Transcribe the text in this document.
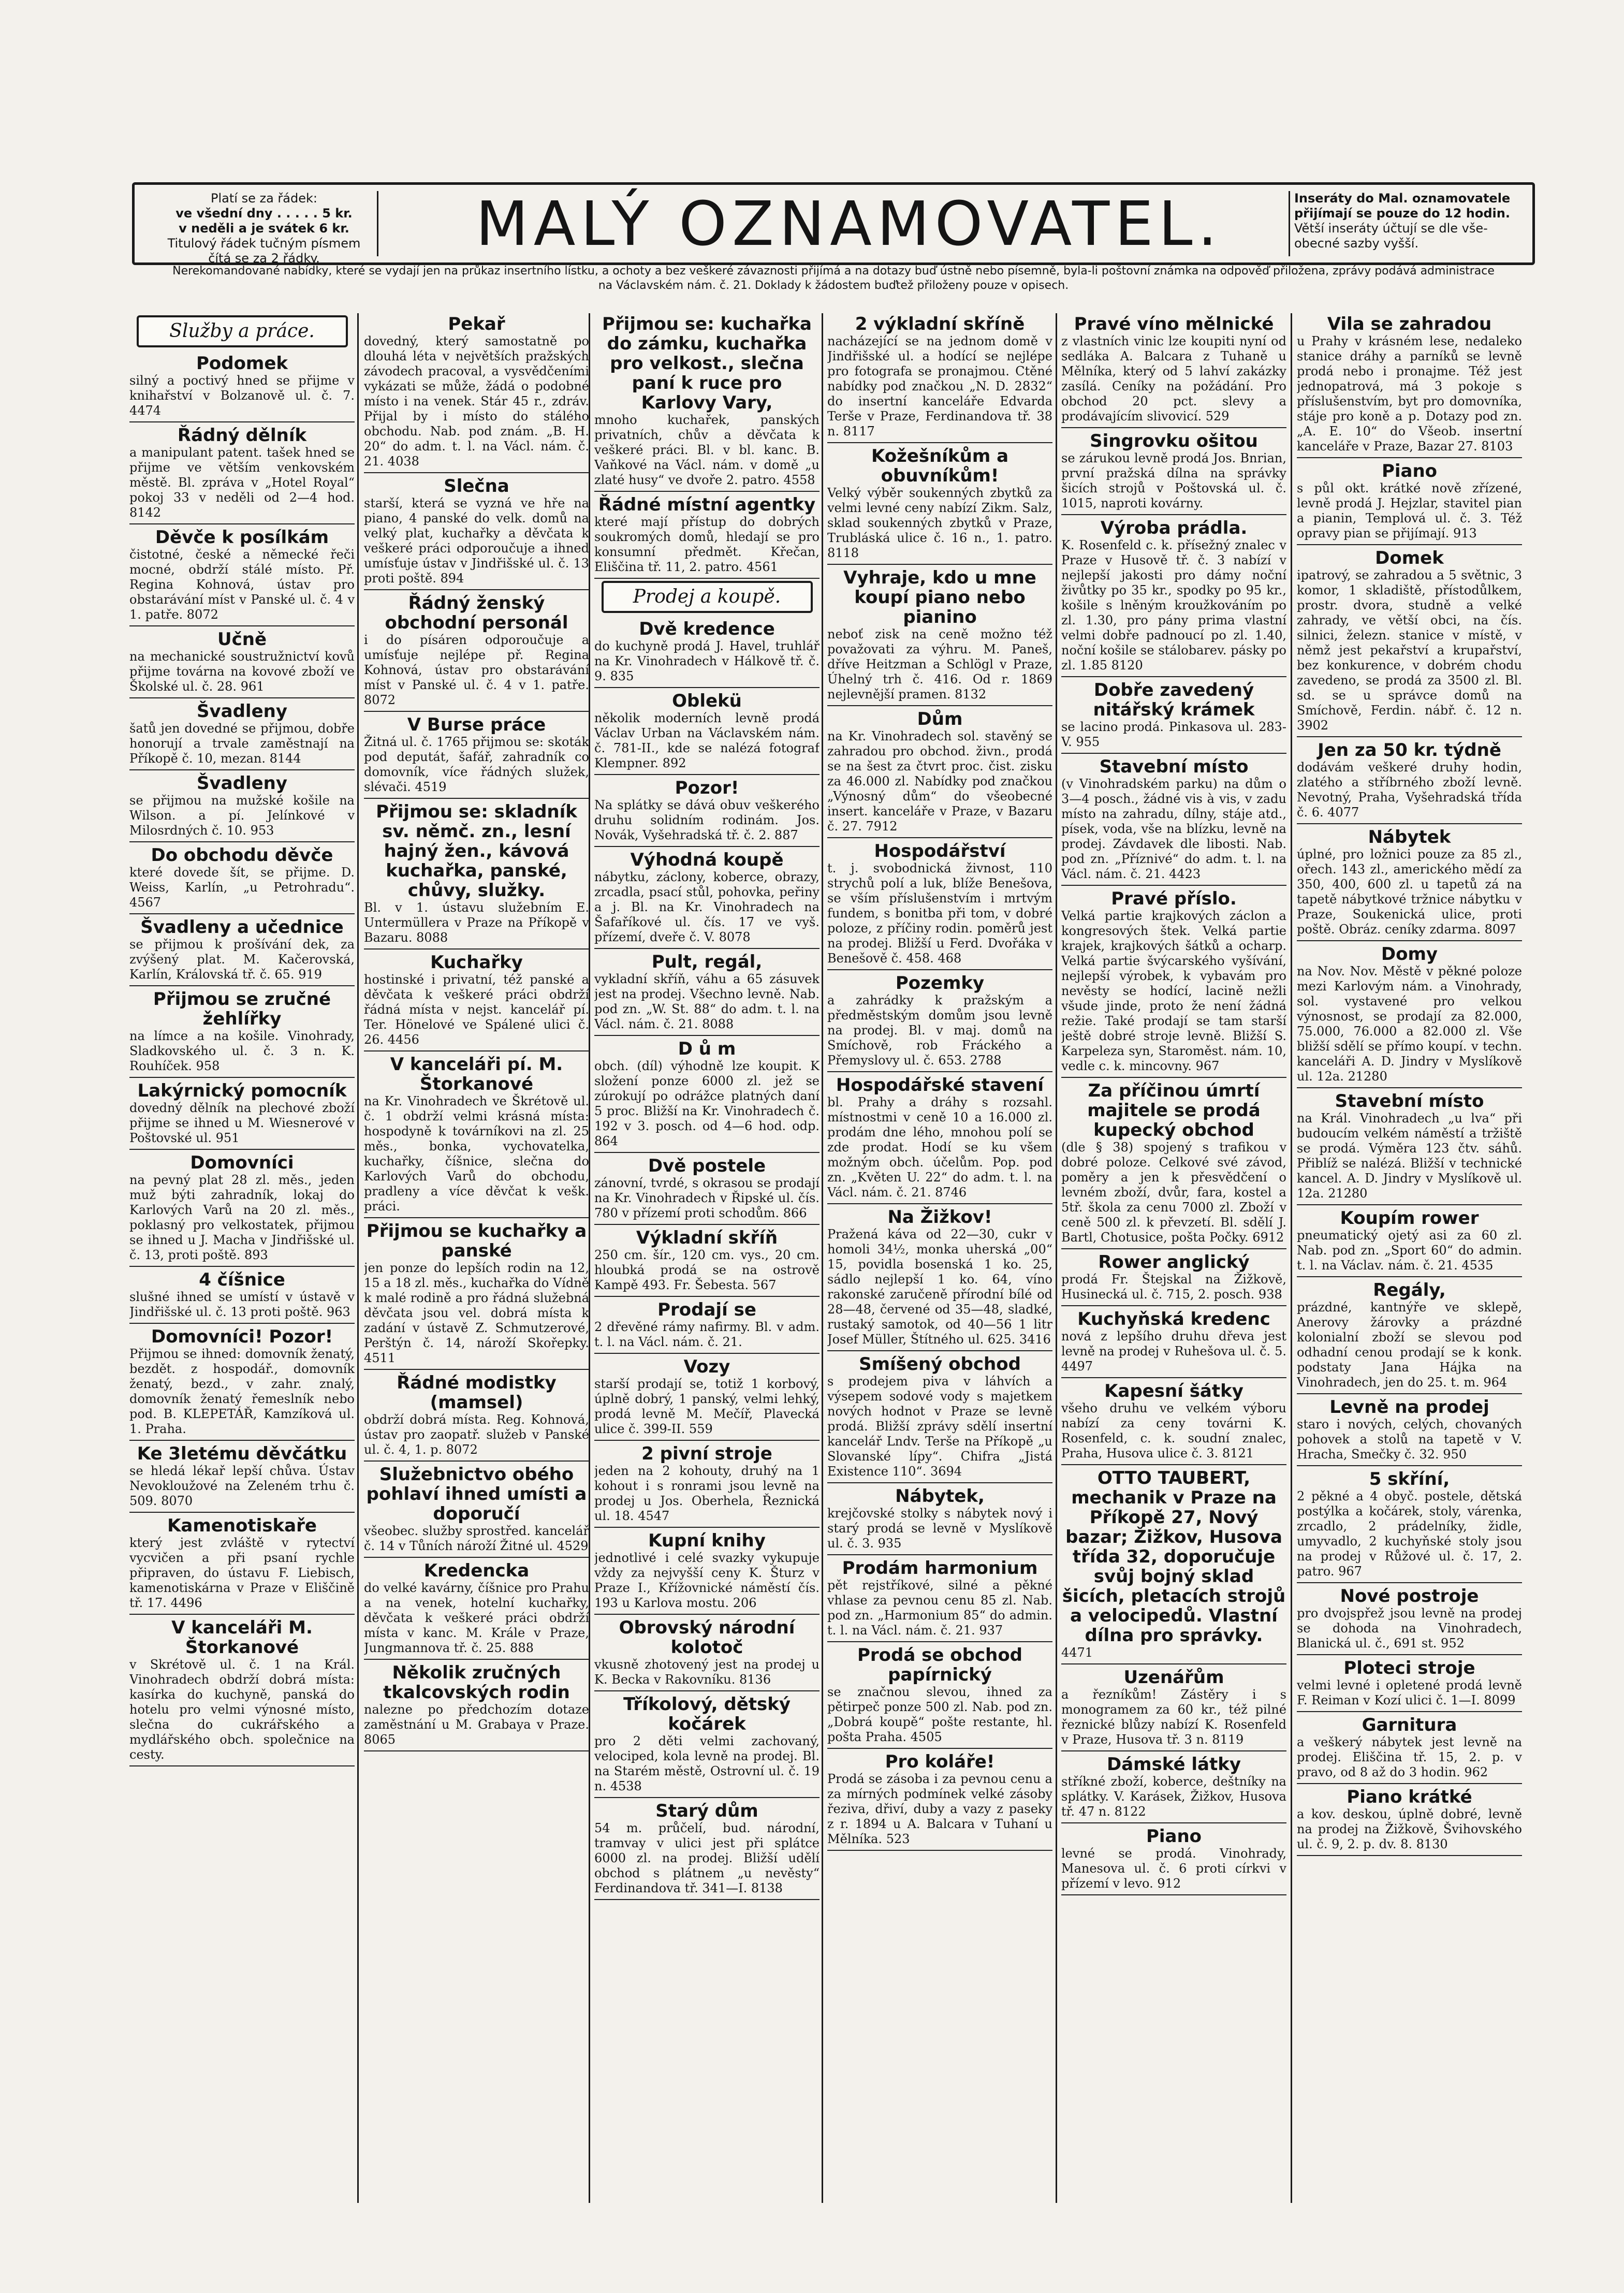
Platí se za řádek:
ve všední dny . . . . . 5 kr.
v neděli a je svátek 6 kr.
Titulový řádek tučným písmem
čítá se za 2 řádky.	MALÝ OZNAMOVATEL.	Inseráty do Mal. oznamovatele
přijímají se pouze do 12 hodin.
Větší inseráty účtují se dle vše-
obecné sazby vyšší.
Nerekomandované nabídky, které se vydají jen na průkaz insertního lístku, a ochoty a bez veškeré závaznosti přijímá a na dotazy buď ústně nebo písemně, byla-li poštovní známka na odpověď přiložena, zprávy podává administrace na Václavském nám. č. 21. Doklady k žádostem buďtež přiloženy pouze v opisech.
Služby a práce.
Podomek

silný a poctivý hned se přijme v knihařství v Bolzanově ul. č. 7. 4474

Řádný dělník

a manipulant patent. tašek hned se přijme ve větším venkovském městě. Bl. zpráva v „Hotel Royal“ pokoj 33 v neděli od 2—4 hod. 8142

Děvče k posílkám

čistotné, české a německé řeči mocné, obdrží stálé místo. Př. Regina Kohnová, ústav pro obstarávání míst v Panské ul. č. 4 v 1. patře. 8072

Učně

na mechanické soustružnictví kovů přijme továrna na kovové zboží ve Školské ul. č. 28. 961

Švadleny

šatů jen dovedné se přijmou, dobře honorují a trvale zaměstnají na Příkopě č. 10, mezan. 8144

Švadleny

se přijmou na mužské košile na Wilson. a pí. Jelínkové v Milosrdných č. 10. 953

Do obchodu děvče

které dovede šít, se přijme. D. Weiss, Karlín, „u Petrohradu“. 4567

Švadleny a učednice

se přijmou k prošívání dek, za zvýšený plat. M. Kačerovská, Karlín, Královská tř. č. 65. 919

Přijmou se zručné žehlířky

na límce a na košile. Vinohrady, Sladkovského ul. č. 3 n. K. Rouhíček. 958

Lakýrnický pomocník

dovedný dělník na plechové zboží přijme se ihned u M. Wiesnerové v Poštovské ul. 951

Domovníci

na pevný plat 28 zl. měs., jeden muž býti zahradník, lokaj do Karlových Varů na 20 zl. měs., poklasný pro velkostatek, přijmou se ihned u J. Macha v Jindřišské ul. č. 13, proti poště. 893

4 číšnice

slušné ihned se umístí v ústavě v Jindřišské ul. č. 13 proti poště. 963

Domovníci! Pozor!

Přijmou se ihned: domovník ženatý, bezdět. z hospodář., domovník ženatý, bezd., v zahr. znalý, domovník ženatý řemeslník nebo pod. B. KLEPETÁŘ, Kamzíková ul. 1. Praha.

Ke 3letému děvčátku

se hledá lékař lepší chůva. Ústav Nevokloužové na Zeleném trhu č. 509. 8070

Kamenotiskaře

který jest zvláště v rytectví vycvičen a při psaní rychle připraven, do ústavu F. Liebisch, kamenotiskárna v Praze v Eliščině tř. 17. 4496

V kanceláři M. Štorkanové

v Skrétově ul. č. 1 na Král. Vinohradech obdrží dobrá místa: kasírka do kuchyně, panská do hotelu pro velmi výnosné místo, slečna do cukrářského a mydlářského obch. společnice na cesty.

Pekař

dovedný, který samostatně po dlouhá léta v největších pražských závodech pracoval, a vysvědčeními vykázati se může, žádá o podobné místo i na venek. Stár 45 r., zdráv. Přijal by i místo do stálého obchodu. Nab. pod znám. „B. H. 20“ do adm. t. l. na Václ. nám. č. 21. 4038

Slečna

starší, která se vyzná ve hře na piano, 4 panské do velk. domů na velký plat, kuchařky a děvčata k veškeré práci odporoučuje a ihned umísťuje ústav v Jindřišské ul. č. 13 proti poště. 894

Řádný ženský obchodní personál

i do písáren odporoučuje a umísťuje nejlépe př. Regina Kohnová, ústav pro obstarávání míst v Panské ul. č. 4 v 1. patře. 8072

V Burse práce

Žitná ul. č. 1765 přijmou se: skoták pod deputát, šafář, zahradník co domovník, více řádných služek, slévači. 4519

Přijmou se: skladník sv. němč. zn., lesní hajný žen., kávová kuchařka, panské, chůvy, služky.

Bl. v 1. ústavu služebním E. Untermüllera v Praze na Příkopě v Bazaru. 8088

Kuchařky

hostinské i privatní, též panské a děvčata k veškeré práci obdrží řádná místa v nejst. kancelář pí. Ter. Hönelové ve Spálené ulici č. 26. 4456

V kanceláři pí. M. Štorkanové

na Kr. Vinohradech ve Škrétově ul. č. 1 obdrží velmi krásná místa: hospodyně k továrníkovi na zl. 25 měs., bonka, vychovatelka, kuchařky, číšnice, slečna do Karlových Varů do obchodu, pradleny a více děvčat k vešk. práci.

Přijmou se kuchařky a panské

jen ponze do lepších rodin na 12, 15 a 18 zl. měs., kuchařka do Vídně k malé rodině a pro řádná služebná děvčata jsou vel. dobrá místa k zadání v ústavě Z. Schmutzerové, Perštýn č. 14, nároží Skořepky. 4511

Řádné modistky (mamsel)

obdrží dobrá místa. Reg. Kohnová, ústav pro zaopatř. služeb v Panské ul. č. 4, 1. p. 8072

Služebnictvo obého pohlaví ihned umísti a doporučí

všeobec. služby sprostřed. kancelář č. 14 v Tůních nároží Žitné ul. 4529

Kredencka

do velké kavárny, číšnice pro Prahu a na venek, hotelní kuchařky, děvčata k veškeré práci obdrží místa v kanc. M. Krále v Praze, Jungmannova tř. č. 25. 888

Několik zručných tkalcovských rodin

nalezne po předchozím dotaze zaměstnání u M. Grabaya v Praze. 8065

Přijmou se: kuchařka do zámku, kuchařka pro velkost., slečna paní k ruce pro Karlovy Vary,

mnoho kuchařek, panských privatních, chův a děvčata k veškeré práci. Bl. v bl. kanc. B. Vaňkové na Václ. nám. v domě „u zlaté husy“ ve dvoře 2. patro. 4558

Řádné místní agentky

které mají přístup do dobrých soukromých domů, hledají se pro konsumní předmět. Křečan, Eliščina tř. 11, 2. patro. 4561

Prodej a koupě.
Dvě kredence

do kuchyně prodá J. Havel, truhlář na Kr. Vinohradech v Hálkově tř. č. 9. 835

Oblekü

několik moderních levně prodá Václav Urban na Václavském nám. č. 781-II., kde se nalézá fotograf Klempner. 892

Pozor!

Na splátky se dává obuv veškerého druhu solidním rodinám. Jos. Novák, Vyšehradská tř. č. 2. 887

Výhodná koupě

nábytku, záclony, koberce, obrazy, zrcadla, psací stůl, pohovka, peřiny a j. Bl. na Kr. Vinohradech na Šafaříkové ul. čís. 17 ve vyš. přízemí, dveře č. V. 8078

Pult, regál,

vykladní skříň, váhu a 65 zásuvek jest na prodej. Všechno levně. Nab. pod zn. „W. St. 88“ do adm. t. l. na Václ. nám. č. 21. 8088

D ů m

obch. (díl) výhodně lze koupit. K složení ponze 6000 zl. jež se zúrokují po odrážce platných daní 5 proc. Bližší na Kr. Vinohradech č. 192 v 3. posch. od 4—6 hod. odp. 864

Dvě postele

zánovní, tvrdé, s okrasou se prodají na Kr. Vinohradech v Řipské ul. čís. 780 v přízemí proti schodům. 866

Výkladní skříň

250 cm. šír., 120 cm. vys., 20 cm. hloubká prodá se na ostrově Kampě 493. Fr. Šebesta. 567

Prodají se

2 dřevěné rámy nafirmy. Bl. v adm. t. l. na Václ. nám. č. 21.

Vozy

starší prodají se, totiž 1 korbový, úplně dobrý, 1 panský, velmi lehký, prodá levně M. Mečíř, Plavecká ulice č. 399-II. 559

2 pivní stroje

jeden na 2 kohouty, druhý na 1 kohout i s ronrami jsou levně na prodej u Jos. Oberhela, Řeznická ul. 18. 4547

Kupní knihy

jednotlivé i celé svazky vykupuje vždy za nejvyšší ceny K. Šturz v Praze I., Křížovnické náměstí čís. 193 u Karlova mostu. 206

Obrovský národní kolotoč

vkusně zhotovený jest na prodej u K. Becka v Rakovníku. 8136

Tříkolový, dětský kočárek

pro 2 děti velmi zachovaný, velociped, kola levně na prodej. Bl. na Starém městě, Ostrovní ul. č. 19 n. 4538

Starý dům

54 m. průčelí, bud. národní, tramvay v ulici jest při splátce 6000 zl. na prodej. Bližší udělí obchod s plátnem „u nevěsty“ Ferdinandova tř. 341—I. 8138

2 výkladní skříně

nacházející se na jednom domě v Jindřišské ul. a hodící se nejlépe pro fotografa se pronajmou. Ctěné nabídky pod značkou „N. D. 2832“ do insertní kanceláře Edvarda Terše v Praze, Ferdinandova tř. 38 n. 8117

Kožešníkům a obuvníkům!

Velký výběr soukenných zbytků za velmi levné ceny nabízí Zikm. Salz, sklad soukenných zbytků v Praze, Trubláská ulice č. 16 n., 1. patro. 8118

Vyhraje, kdo u mne koupí piano nebo pianino

neboť zisk na ceně možno též považovati za výhru. M. Paneš, dříve Heitzman a Schlögl v Praze, Úhelný trh č. 416. Od r. 1869 nejlevnější pramen. 8132

Dům

na Kr. Vinohradech sol. stavěný se zahradou pro obchod. živn., prodá se na šest za čtvrt proc. čist. zisku za 46.000 zl. Nabídky pod značkou „Výnosný dům“ do všeobecné insert. kanceláře v Praze, v Bazaru č. 27. 7912

Hospodářství

t. j. svobodnická živnost, 110 strychů polí a luk, blíže Benešova, se vším příslušenstvím i mrtvým fundem, s bonitba při tom, v dobré poloze, z příčiny rodin. poměrů jest na prodej. Bližší u Ferd. Dvořáka v Benešově č. 458. 468

Pozemky

a zahrádky k pražským a předměstským domům jsou levně na prodej. Bl. v maj. domů na Smíchově, rob Fráckého a Přemyslovy ul. č. 653. 2788

Hospodářské stavení

bl. Prahy a dráhy s rozsahl. místnostmi v ceně 10 a 16.000 zl. prodám dne lého, mnohou polí se zde prodat. Hodí se ku všem možným obch. účelům. Pop. pod zn. „Květen U. 22“ do adm. t. l. na Václ. nám. č. 21. 8746

Na Žižkov!

Pražená káva od 22—30, cukr v homoli 34½, monka uherská „00“ 15, povidla bosenská 1 ko. 25, sádlo nejlepší 1 ko. 64, víno rakonské zaručeně přírodní bílé od 28—48, červené od 35—48, sladké, rustaký samotok, od 40—56 1 litr Josef Müller, Štítného ul. 625. 3416

Smíšený obchod

s prodejem piva v láhvích a výsepem sodové vody s majetkem nových hodnot v Praze se levně prodá. Bližší zprávy sdělí insertní kancelář Lndv. Terše na Příkopě „u Slovanské lípy“. Chifra „Jistá Existence 110“. 3694

Nábytek,

krejčovské stolky s nábytek nový i starý prodá se levně v Myslíkově ul. č. 3. 935

Prodám harmonium

pět rejstříkové, silné a pěkné vhlase za pevnou cenu 85 zl. Nab. pod zn. „Harmonium 85“ do admin. t. l. na Václ. nám. č. 21. 937

Prodá se obchod papírnický

se značnou slevou, ihned za pětirpeč ponze 500 zl. Nab. pod zn. „Dobrá koupě“ pošte restante, hl. pošta Praha. 4505

Pro koláře!

Prodá se zásoba i za pevnou cenu a za mírných podmínek velké zásoby řeziva, dřiví, duby a vazy z paseky z r. 1894 u A. Balcara v Tuhaní u Mělníka. 523

Pravé víno mělnické

z vlastních vinic lze koupiti nyní od sedláka A. Balcara z Tuhaně u Mělníka, který od 5 lahví zakázky zasílá. Ceníky na požádání. Pro obchod 20 pct. slevy a prodávajícím slivovicí. 529

Singrovku ošitou

se zárukou levně prodá Jos. Bnrian, první pražská dílna na správky šicích strojů v Poštovská ul. č. 1015, naproti kovárny.

Výroba prádla.

K. Rosenfeld c. k. přísežný znalec v Praze v Husově tř. č. 3 nabízí v nejlepší jakosti pro dámy noční živůtky po 35 kr., spodky po 95 kr., košile s lněným kroužkováním po zl. 1.30, pro pány prima vlastní velmi dobře padnoucí po zl. 1.40, noční košile se stálobarev. pásky po zl. 1.85 8120

Dobře zavedený nitářský krámek

se lacino prodá. Pinkasova ul. 283-V. 955

Stavební místo

(v Vinohradském parku) na dům o 3—4 posch., žádné vis à vis, v zadu místo na zahradu, dílny, stáje atd., písek, voda, vše na blízku, levně na prodej. Závdavek dle libosti. Nab. pod zn. „Příznivé“ do adm. t. l. na Václ. nám. č. 21. 4423

Pravé příslo.

Velká partie krajkových záclon a kongresových štek. Velká partie krajek, krajkových šátků a ocharp. Velká partie švýcarského vyšívání, nejlepší výrobek, k vybavám pro nevěsty se hodící, lacině nežli všude jinde, proto že není žádná režie. Také prodají se tam starší ještě dobré stroje levně. Bližší S. Karpeleza syn, Staroměst. nám. 10, vedle c. k. mincovny. 967

Za příčinou úmrtí majitele se prodá kupecký obchod

(dle § 38) spojený s trafikou v dobré poloze. Celkové své závod, poměry a jen k přesvědčení o levném zboží, dvůr, fara, kostel a 5tř. škola za cenu 7000 zl. Zboží v ceně 500 zl. k převzetí. Bl. sdělí J. Bartl, Chotusice, pošta Počky. 6912

Rower anglický

prodá Fr. Štejskal na Žižkově, Husinecká ul. č. 715, 2. posch. 938

Kuchyňská kredenc

nová z lepšího druhu dřeva jest levně na prodej v Ruhešova ul. č. 5. 4497

Kapesní šátky

všeho druhu ve velkém výboru nabízí za ceny továrni K. Rosenfeld, c. k. soudní znalec, Praha, Husova ulice č. 3. 8121

OTTO TAUBERT, mechanik v Praze na Příkopě 27, Nový bazar; Žižkov, Husova třída 32, doporučuje svůj bojný sklad šicích, pletacích strojů a velocipedů. Vlastní dílna pro správky.

4471

Uzenářům

a řezníkům! Zástěry i s monogramem za 60 kr., též pilné řeznické blůzy nabízí K. Rosenfeld v Praze, Husova tř. 3 n. 8119

Dámské látky

stříkné zboží, koberce, deštníky na splátky. V. Karásek, Žižkov, Husova tř. 47 n. 8122

Piano

levné se prodá. Vinohrady, Manesova ul. č. 6 proti církvi v přízemí v levo. 912

Vila se zahradou

u Prahy v krásném lese, nedaleko stanice dráhy a parníků se levně prodá nebo i pronajme. Též jest jednopatrová, má 3 pokoje s příslušenstvím, byt pro domovníka, stáje pro koně a p. Dotazy pod zn. „A. E. 10“ do Všeob. insertní kanceláře v Praze, Bazar 27. 8103

Piano

s půl okt. krátké nově zřízené, levně prodá J. Hejzlar, stavitel pian a pianin, Templová ul. č. 3. Též opravy pian se přijímají. 913

Domek

ipatrový, se zahradou a 5 světnic, 3 komor, 1 skladiště, přístodůlkem, prostr. dvora, studně a velké zahrady, ve větší obci, na čís. silnici, železn. stanice v místě, v němž jest pekařství a krupařství, bez konkurence, v dobrém chodu zavedeno, se prodá za 3500 zl. Bl. sd. se u správce domů na Smíchově, Ferdin. nábř. č. 12 n. 3902

Jen za 50 kr. týdně

dodávám veškeré druhy hodin, zlatého a stříbrného zboží levně. Nevotný, Praha, Vyšehradská třída č. 6. 4077

Nábytek

úplné, pro ložnici pouze za 85 zl., ořech. 143 zl., amerického mědí za 350, 400, 600 zl. u tapetů zá na tapetě nábytkové tržnice nábytku v Praze, Soukenická ulice, proti poště. Obráz. ceníky zdarma. 8097

Domy

na Nov. Nov. Městě v pěkné poloze mezi Karlovým nám. a Vinohrady, sol. vystavené pro velkou výnosnost, se prodají za 82.000, 75.000, 76.000 a 82.000 zl. Vše bližší sdělí se přímo koupí. v techn. kanceláři A. D. Jindry v Myslíkově ul. 12a. 21280

Stavební místo

na Král. Vinohradech „u lva“ při budoucím velkém náměstí a tržiště se prodá. Výměra 123 čtv. sáhů. Přiblíž se nalézá. Bližší v technické kancel. A. D. Jindry v Myslíkově ul. 12a. 21280

Koupím rower

pneumatický ojetý asi za 60 zl. Nab. pod zn. „Sport 60“ do admin. t. l. na Václav. nám. č. 21. 4535

Regály,

prázdné, kantnýře ve sklepě, Anerovy žárovky a prázdné kolonialní zboží se slevou pod odhadní cenou prodají se k konk. podstaty Jana Hájka na Vinohradech, jen do 25. t. m. 964

Levně na prodej

staro i nových, celých, chovaných pohovek a stolů na tapetě v V. Hracha, Smečky č. 32. 950

5 skříní,

2 pěkné a 4 obyč. postele, dětská postýlka a kočárek, stoly, várenka, zrcadlo, 2 prádelníky, židle, umyvadlo, 2 kuchyňské stoly jsou na prodej v Růžové ul. č. 17, 2. patro. 967

Nové postroje

pro dvojspřež jsou levně na prodej se dohoda na Vinohradech, Blanická ul. č., 691 st. 952

Ploteci stroje

velmi levné i opletené prodá levně F. Reiman v Kozí ulici č. 1—I. 8099

Garnitura

a veškerý nábytek jest levně na prodej. Eliščina tř. 15, 2. p. v pravo, od 8 až do 3 hodin. 962

Piano krátké

a kov. deskou, úplně dobré, levně na prodej na Žižkově, Švihovského ul. č. 9, 2. p. dv. 8. 8130
